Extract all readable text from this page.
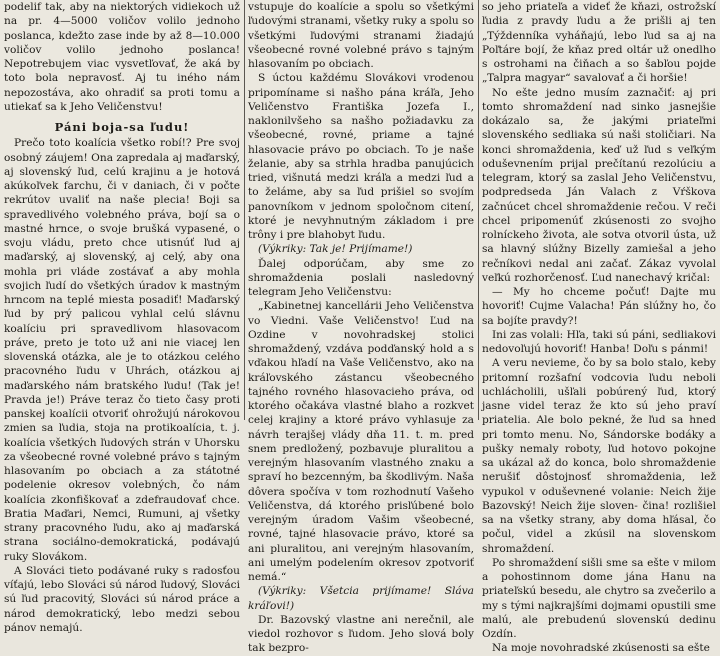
podelif tak, aby na niektorých vidiekoch už na pr. 4—5000 voličov volilo jednoho poslanca, kdežto zase inde by až 8—10.000 voličov volilo jednoho poslanca! Nepotrebujem viac vysvetľovať, že aká by toto bola nepravosť. Aj tu iného nám nepozostáva, ako ohradiť sa proti tomu a utiekať sa k Jeho Veličenstvu!

Páni boja-sa ľudu!

Prečo toto koalícia všetko robí!? Pre svoj osobný záujem! Ona zapredala aj maďarský, aj slovenský ľud, celú krajinu a je hotová akúkoľvek farchu, či v daniach, či v počte rekrútov uvaliť na naše plecia! Boji sa spravedlivého volebného práva, bojí sa o mastné hrnce, o svoje brušká vypasené, o svoju vládu, preto chce utisnúť ľud aj maďarský, aj slovenský, aj celý, aby ona mohla pri vláde zostávať a aby mohla svojich ľudí do všetkých úradov k mastným hrncom na teplé miesta posadiť! Maďarský ľud by prý palicou vyhlal celú slávnu koalíciu pri spravedlivom hlasovacom práve, preto je toto už ani nie viacej len slovenská otázka, ale je to otázkou celého pracovného ľudu v Uhrách, otázkou aj maďarského nám bratského ľudu! (Tak je! Pravda je!) Práve teraz čo tieto časy proti panskej koalícii otvoriť ohrožujú nárokovou zmien sa ľudia, stoja na protikoalícia, t. j. koalícia všetkých ľudových strán v Uhorsku za všeobecné rovné volebné právo s tajným hlasovaním po obciach a za státotné podelenie okresov volebných, čo nám koalícia zkonfiškovať a zdefraudovať chce. Bratia Maďari, Nemci, Rumuni, aj všetky strany pracovného ľudu, ako aj maďarská strana sociálno-demokratická, podávajú ruky Slovákom.

A Slováci tieto podávané ruky s radosťou víťajú, lebo Slováci sú národ ľudový, Slováci sú ľud pracovitý, Slováci sú národ práce a národ demokratický, lebo medzi sebou pánov nemajú.

vstupuje do koalície a spolu so všetkými ľudovými stranami, všetky ruky a spolu so všetkými ľudovými stranami žiadajú všeobecné rovné volebné právo s tajným hlasovaním po obciach.

S úctou každému Slovákovi vrodenou pripomíname si našho pána kráľa, Jeho Veličenstvo Františka Jozefa I., naklonilvšeho sa našho požiadavku za všeobecné, rovné, priame a tajné hlasovacie právo po obciach. To je naše želanie, aby sa strhla hradba panujúcich tried, višnutá medzi kráľa a medzi ľud a to želáme, aby sa ľud prišiel so svojím panovníkom v jednom spoločnom citení, ktoré je nevyhnutným základom i pre trôny i pre blahobyt ľudu.

(Výkriky: Tak je! Prijímame!)

Ďalej odporúčam, aby sme zo shromaždenia poslali nasledovný telegram Jeho Veličenstvu:

„Kabinetnej kancellárii Jeho Veličenstva vo Viedni. Vaše Veličenstvo! Ľud na Ozdine v novohradskej stolici shromaždený, vzdáva podďanský hold a s vďakou hľadí na Vaše Veličenstvo, ako na kráľovského zástancu všeobecného tajného rovného hlasovacieho práva, od ktorého očakáva vlastné blaho a rozkvet celej krajiny a ktoré právo vyhlasuje za návrh terajšej vlády dňa 11. t. m. pred snem predložený, pozbavuje pluralitou a verejným hlasovaním vlastného znaku a spraví ho bezcenným, ba škodlivým. Naša dôvera spočíva v tom rozhodnutí Vašeho Veličenstva, dá ktorého prisľúbené bolo verejným úradom Vašim všeobecné, rovné, tajné hlasovacie právo, ktoré sa ani pluralitou, ani verejným hlasovaním, ani umelým podelením okresov zpotvoriť nemá.“

(Výkriky: Všetcia prijímame! Sláva kráľovi!)

Dr. Bazovský vlastne ani nerečnil, ale viedol rozhovor s ľudom. Jeho slová boly tak bezpro-

so jeho priateľa a videť že kňazi, ostrožskí ľudia z pravdy ľudu a že prišli aj ten „Týždenníka vyháňajú, lebo ľud sa aj na Poľtáre bojí, že kňaz pred oltár už onedlho s ostrohami na čiňach a so šabľou pojde „Talpra magyar“ savalovať a či horšie!

No ešte jedno musím zaznačiť: aj pri tomto shromaždení nad sinko jasnejšie dokázalo sa, že jakými priateľmi slovenského sedliaka sú naši stoličiari. Na konci shromaždenia, keď už ľud s veľkým oduševnením prijal prečítanú rezolúciu a telegram, ktorý sa zaslal Jeho Veličenstvu, podpredseda Ján Valach z Vŕškova začnúcet chcel shromaždenie rečou. V reči chcel pripomenúť zkúsenosti zo svojho rolníckeho života, ale sotva otvoril ústa, už sa hlavný slúžny Bizelly zamiešal a jeho rečníkovi nedal ani začať. Zákaz vyvolal veľkú rozhorčenosť. Ľud nanechavý kričal:

— My ho chceme počuť! Dajte mu hovoriť! Cujme Valacha! Pán slúžny ho, čo sa bojíte pravdy?!

Ini zas volali: Hľa, taki sú páni, sedliakovi nedovoľujú hovoriť! Hanba! Doľu s pánmi!

A veru nevieme, čo by sa bolo stalo, keby pritomní rozšafní vodcovia ľudu neboli uchlácholili, ušľali pobúrený ľud, ktorý jasne videl teraz že kto sú jeho praví priatelia. Ale bolo pekné, že ľud sa hned pri tomto menu. No, Sándorske bodáky a pušky nemaly roboty, ľud hotovo pokojne sa ukázal až do konca, bolo shromaždenie nerušiť dôstojnosť shromaždenia, lež vypukol v oduševnené volanie: Neich žije Bazovský! Neich žije sloven- čina! rozlišiel sa na všetky strany, aby doma hľásal, čo počul, videl a zkúsil na slovenskom shromaždení.

Po shromaždení sišli sme sa ešte v milom a pohostinnom dome jána Hanu na priateľskú besedu, ale chytro sa zvečerilo a my s tými najkrajšími dojmami opustili sme malú, ale prebudenú slovenskú dedinu Ozdín.

Na moje novohradské zkúsenosti sa ešte
